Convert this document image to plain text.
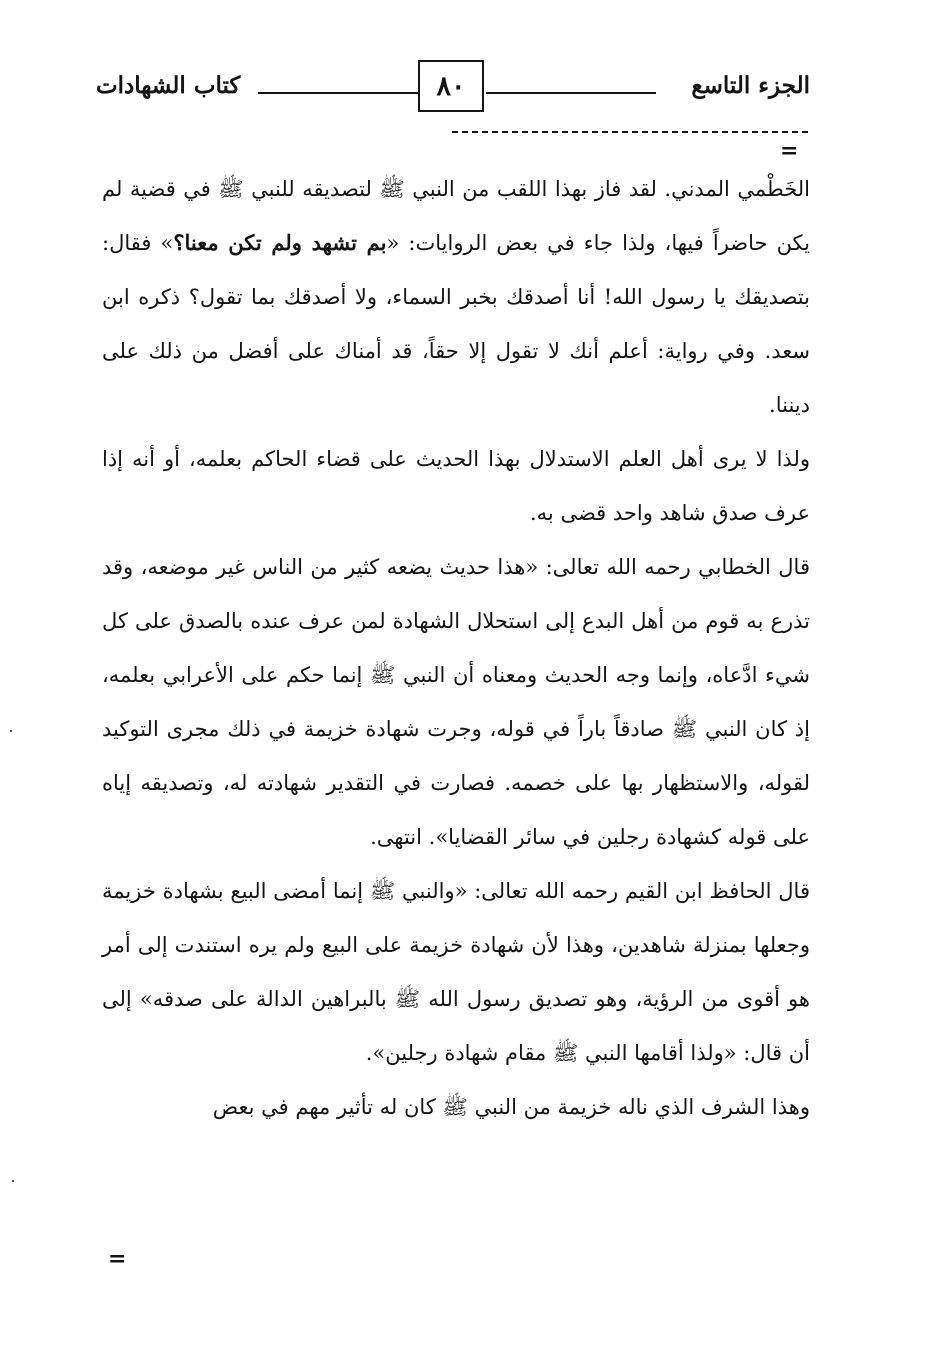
الجزء التاسع
٨٠
كتاب الشهادات
=

الخَطْمي المدني. لقد فاز بهذا اللقب من النبي ﷺ لتصديقه للنبي ﷺ في قضية لم يكن حاضراً فيها، ولذا جاء في بعض الروايات: «بم تشهد ولم تكن معنا؟» فقال: بتصديقك يا رسول الله! أنا أصدقك بخبر السماء، ولا أصدقك بما تقول؟ ذكره ابن سعد. وفي رواية: أعلم أنك لا تقول إلا حقاً، قد أمناك على أفضل من ذلك على ديننا.

ولذا لا يرى أهل العلم الاستدلال بهذا الحديث على قضاء الحاكم بعلمه، أو أنه إذا عرف صدق شاهد واحد قضى به.

قال الخطابي رحمه الله تعالى: «هذا حديث يضعه كثير من الناس غير موضعه، وقد تذرع به قوم من أهل البدع إلى استحلال الشهادة لمن عرف عنده بالصدق على كل شيء ادَّعاه، وإنما وجه الحديث ومعناه أن النبي ﷺ إنما حكم على الأعرابي بعلمه، إذ كان النبي ﷺ صادقاً باراً في قوله، وجرت شهادة خزيمة في ذلك مجرى التوكيد لقوله، والاستظهار بها على خصمه. فصارت في التقدير شهادته له، وتصديقه إياه على قوله كشهادة رجلين في سائر القضايا». انتهى.

قال الحافظ ابن القيم رحمه الله تعالى: «والنبي ﷺ إنما أمضى البيع بشهادة خزيمة وجعلها بمنزلة شاهدين، وهذا لأن شهادة خزيمة على البيع ولم يره استندت إلى أمر هو أقوى من الرؤية، وهو تصديق رسول الله ﷺ بالبراهين الدالة على صدقه» إلى أن قال: «ولذا أقامها النبي ﷺ مقام شهادة رجلين».

وهذا الشرف الذي ناله خزيمة من النبي ﷺ كان له تأثير مهم في بعض

=
